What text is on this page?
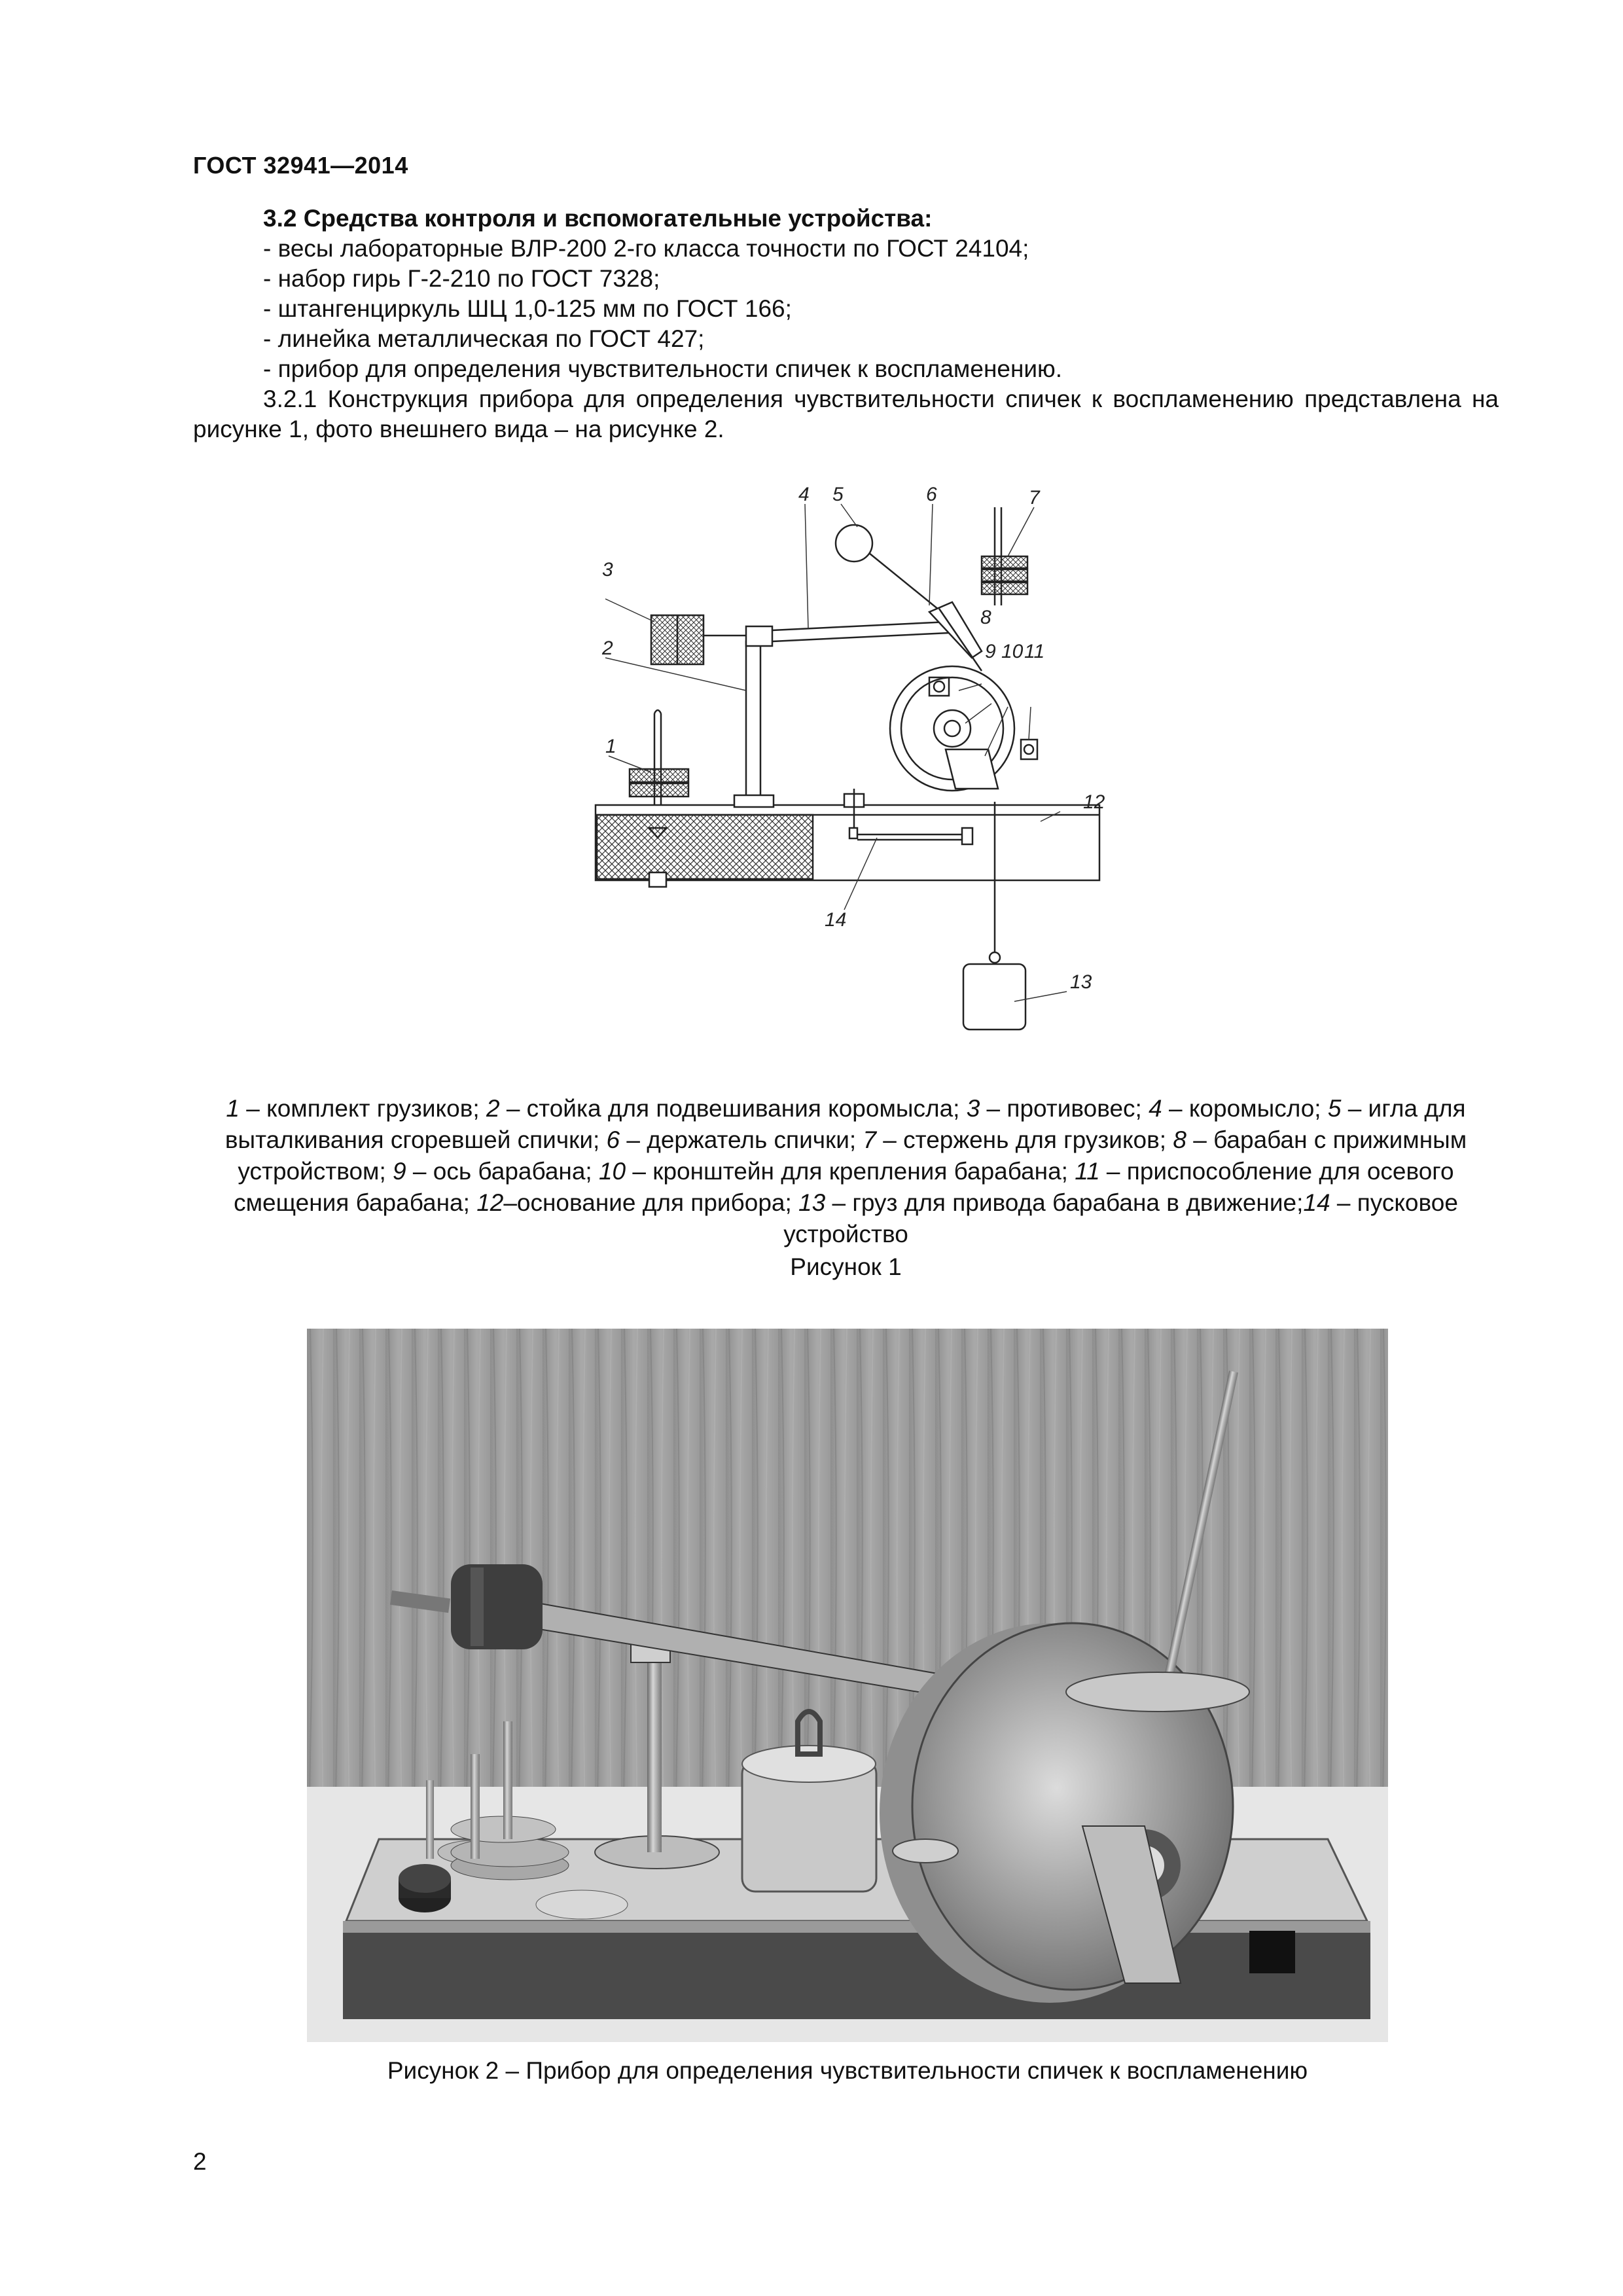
ГОСТ 32941—2014
3.2 Средства контроля и вспомогательные устройства:
- весы лабораторные ВЛР-200 2-го класса точности по ГОСТ 24104;
- набор гирь Г-2-210 по ГОСТ 7328;
- штангенциркуль ШЦ 1,0-125 мм по ГОСТ 166;
- линейка металлическая по ГОСТ 427;
- прибор для определения чувствительности спичек к воспламенению.
3.2.1 Конструкция прибора для определения чувствительности спичек к воспламенению представлена на рисунке 1, фото внешнего вида – на рисунке 2.
3
2
1
4 5	6	7
8
9 10 11
12
13
14
1 – комплект грузиков; 2 – стойка для подвешивания коромысла; 3 – противовес; 4 – коромысло; 5 – игла для выталкивания сгоревшей спички; 6 – держатель спички; 7 – стержень для грузиков; 8 – барабан с прижимным устройством; 9 – ось барабана; 10 – кронштейн для крепления барабана; 11 – приспособление для осевого смещения барабана; 12–основание для прибора; 13 – груз для привода барабана в движение;14 – пусковое устройство
Рисунок 1
Рисунок 2 – Прибор для определения чувствительности спичек к воспламенению
2
